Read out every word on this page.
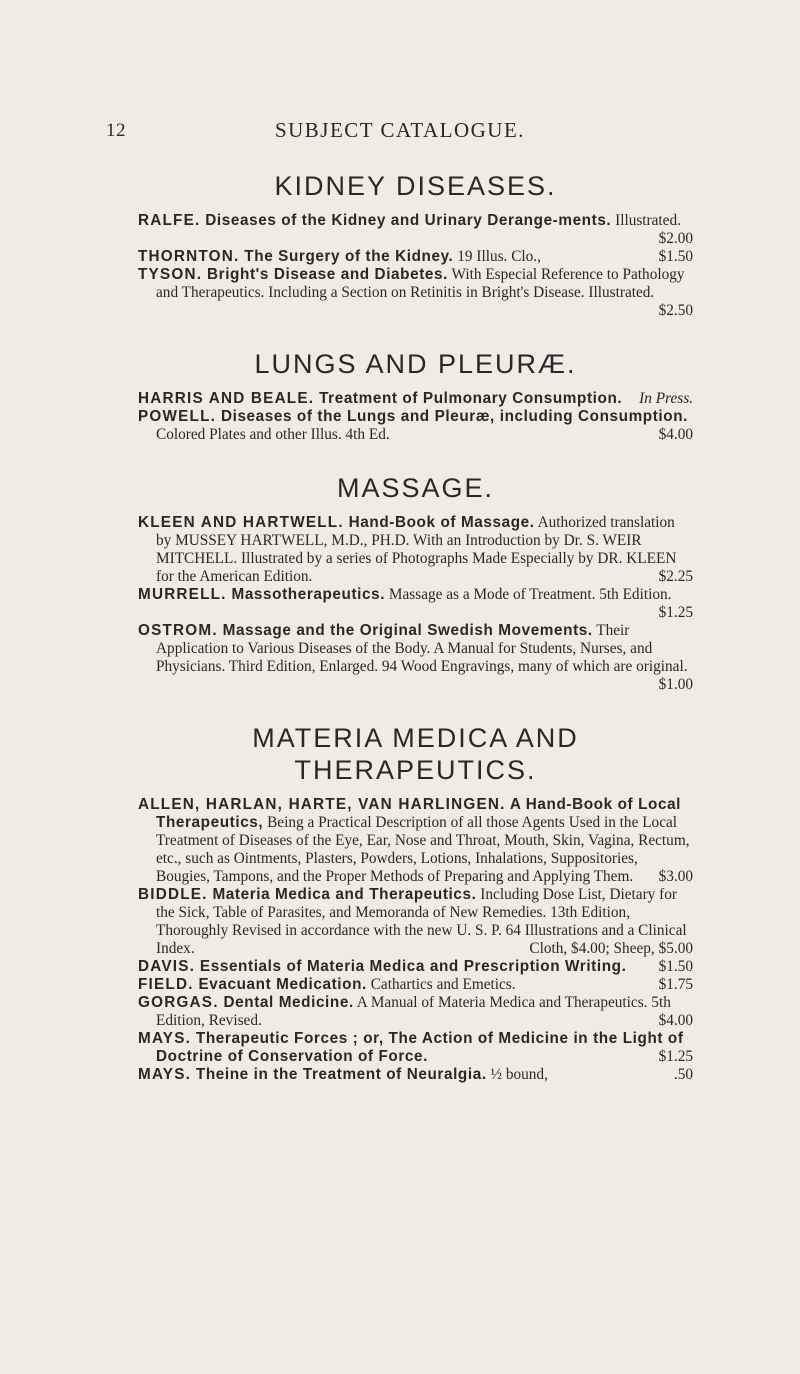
12	SUBJECT CATALOGUE.
KIDNEY DISEASES.

RALFE. Diseases of the Kidney and Urinary Derange-ments. Illustrated.
$2.00

THORNTON. The Surgery of the Kidney. 19 Illus. Clo.,	$1.50

TYSON. Bright's Disease and Diabetes. With Especial Reference to Pathology and Therapeutics. Including a Section on Retinitis in Bright's Disease. Illustrated.
$2.50

LUNGS AND PLEURÆ.

HARRIS AND BEALE. Treatment of Pulmonary Consumption.	In Press.

POWELL. Diseases of the Lungs and Pleuræ, including Consumption. Colored Plates and other Illus. 4th Ed.	$4.00

MASSAGE.

KLEEN AND HARTWELL. Hand-Book of Massage. Authorized translation by MUSSEY HARTWELL, M.D., PH.D. With an Introduction by Dr. S. WEIR MITCHELL. Illustrated by a series of Photographs Made Especially by DR. KLEEN for the American Edition.	$2.25

MURRELL. Massotherapeutics. Massage as a Mode of Treatment. 5th Edition.
$1.25

OSTROM. Massage and the Original Swedish Movements. Their Application to Various Diseases of the Body. A Manual for Students, Nurses, and Physicians. Third Edition, Enlarged. 94 Wood Engravings, many of which are original.
$1.00

MATERIA MEDICA AND THERAPEUTICS.

ALLEN, HARLAN, HARTE, VAN HARLINGEN. A Hand-Book of Local Therapeutics, Being a Practical Description of all those Agents Used in the Local Treatment of Diseases of the Eye, Ear, Nose and Throat, Mouth, Skin, Vagina, Rectum, etc., such as Ointments, Plasters, Powders, Lotions, Inhalations, Suppositories, Bougies, Tampons, and the Proper Methods of Preparing and Applying Them.	$3.00

BIDDLE. Materia Medica and Therapeutics. Including Dose List, Dietary for the Sick, Table of Parasites, and Memoranda of New Remedies. 13th Edition, Thoroughly Revised in accordance with the new U. S. P. 64 Illustrations and a Clinical Index.	Cloth, $4.00; Sheep, $5.00

DAVIS. Essentials of Materia Medica and Prescription Writing.	$1.50

FIELD. Evacuant Medication. Cathartics and Emetics.	$1.75

GORGAS. Dental Medicine. A Manual of Materia Medica and Therapeutics. 5th Edition, Revised.	$4.00

MAYS. Therapeutic Forces ; or, The Action of Medicine in the Light of Doctrine of Conservation of Force.	$1.25

MAYS. Theine in the Treatment of Neuralgia. ½ bound,	.50
